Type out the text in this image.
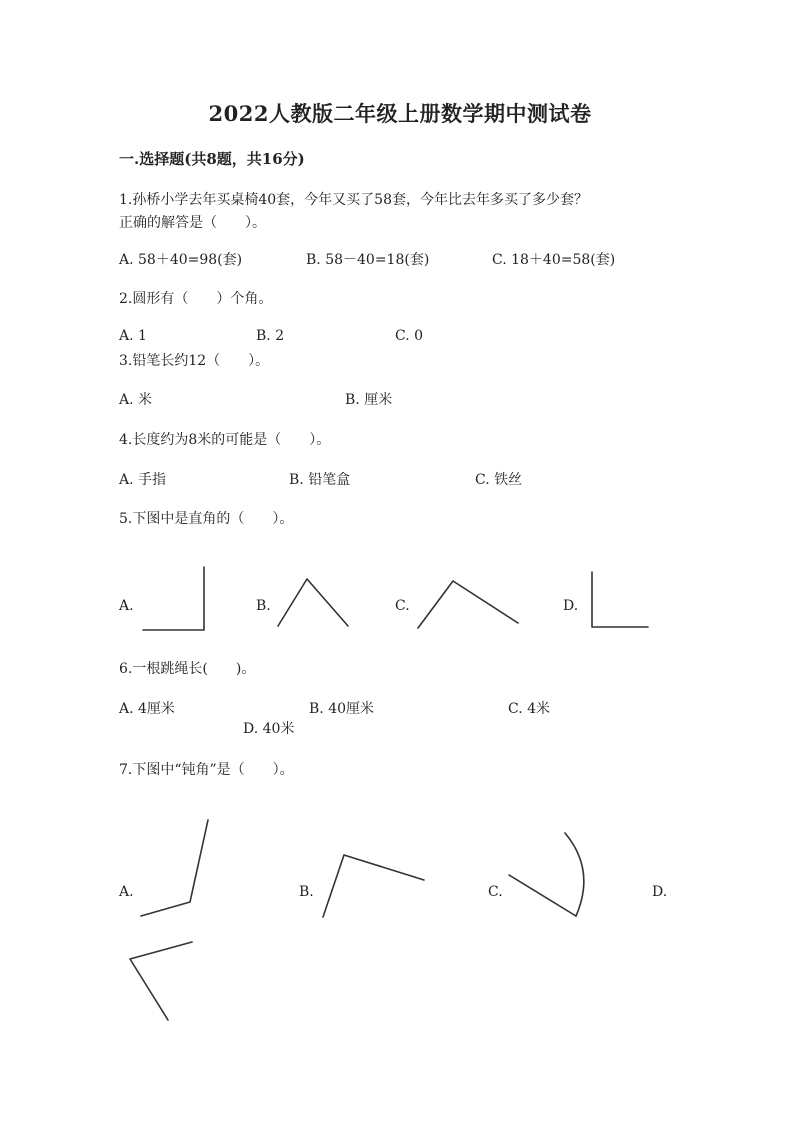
2022人教版二年级上册数学期中测试卷
一.选择题(共8题，共16分)
1.孙桥小学去年买桌椅40套，今年又买了58套，今年比去年多买了多少套？
正确的解答是（　　）。
A. 58＋40=98(套)	B. 58－40=18(套)	C. 18＋40=58(套)
2.圆形有（　　）个角。
A. 1	B. 2	C. 0
3.铅笔长约12（　　）。
A. 米	B. 厘米
4.长度约为8米的可能是（　　）。
A. 手指	B. 铅笔盒	C. 铁丝
5.下图中是直角的（　　）。
A.	B.	C.	D.
6.一根跳绳长(　　)。
A. 4厘米	B. 40厘米	C. 4米
D. 40米
7.下图中“钝角”是（　　）。
A.	B.	C.	D.
